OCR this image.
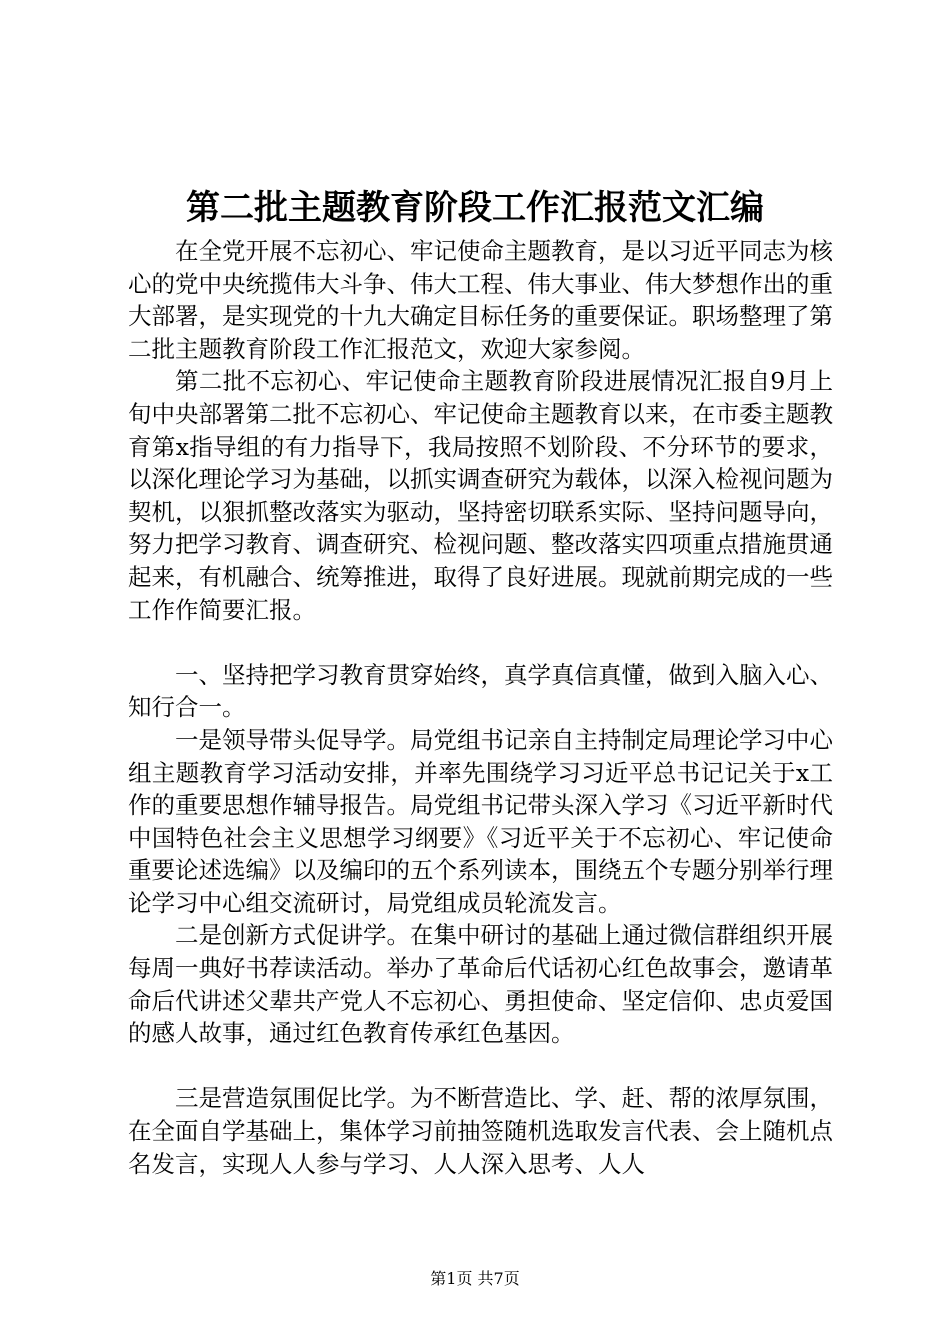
第二批主题教育阶段工作汇报范文汇编

在全党开展不忘初心、牢记使命主题教育，是以习近平同志为核心的党中央统揽伟大斗争、伟大工程、伟大事业、伟大梦想作出的重大部署，是实现党的十九大确定目标任务的重要保证。职场整理了第二批主题教育阶段工作汇报范文，欢迎大家参阅。

第二批不忘初心、牢记使命主题教育阶段进展情况汇报自9月上旬中央部署第二批不忘初心、牢记使命主题教育以来，在市委主题教育第x指导组的有力指导下，我局按照不划阶段、不分环节的要求，以深化理论学习为基础，以抓实调查研究为载体，以深入检视问题为契机，以狠抓整改落实为驱动，坚持密切联系实际、坚持问题导向，努力把学习教育、调查研究、检视问题、整改落实四项重点措施贯通起来，有机融合、统筹推进，取得了良好进展。现就前期完成的一些工作作简要汇报。

一、坚持把学习教育贯穿始终，真学真信真懂，做到入脑入心、知行合一。

一是领导带头促导学。局党组书记亲自主持制定局理论学习中心组主题教育学习活动安排，并率先围绕学习习近平总书记记关于x工作的重要思想作辅导报告。局党组书记带头深入学习《习近平新时代中国特色社会主义思想学习纲要》《习近平关于不忘初心、牢记使命重要论述选编》以及编印的五个系列读本，围绕五个专题分别举行理论学习中心组交流研讨，局党组成员轮流发言。

二是创新方式促讲学。在集中研讨的基础上通过微信群组织开展每周一典好书荐读活动。举办了革命后代话初心红色故事会，邀请革命后代讲述父辈共产党人不忘初心、勇担使命、坚定信仰、忠贞爱国的感人故事，通过红色教育传承红色基因。

三是营造氛围促比学。为不断营造比、学、赶、帮的浓厚氛围，在全面自学基础上，集体学习前抽签随机选取发言代表、会上随机点名发言，实现人人参与学习、人人深入思考、人人

第1页 共7页
